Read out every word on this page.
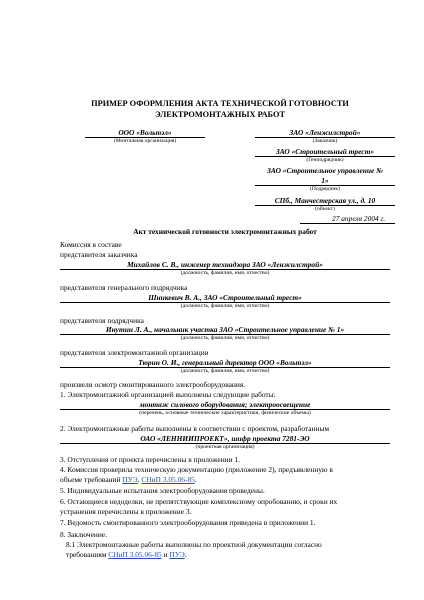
ПРИМЕР ОФОРМЛЕНИЯ АКТА ТЕХНИЧЕСКОЙ ГОТОВНОСТИ
ЭЛЕКТРОМОНТАЖНЫХ РАБОТ
ООО «Вольтэл»
(Монтажная организация)
ЗАО «Ленжилстрой»
(Заказчик)
ЗАО «Строительный трест»
(Генподрядчик)
ЗАО «Строительное управление №
1»
(Подрядчик)
СПб., Манчестерская ул., д. 10
(объект)
27 апреля 2004 г.
Акт технической готовности электромонтажных работ
Комиссия в составе
представителя заказчика
Михайлов С. В., инженер технадзора ЗАО «Ленжилстрой»
(должность, фамилия, имя, отчество)
представителя генерального подрядчика
Шникевич В. А., ЗАО «Строительный трест»
(должность, фамилия, имя, отчество)
представителя подрядчика
Инутин Л. А., начальник участка ЗАО «Строительное управление № 1»
(должность, фамилия, имя, отчество)
представителя электромонтажной организации
Тюрин О. И., генеральный директор ООО «Вольтэл»
(должность, фамилия, имя, отчество)
произвели осмотр смонтированного электрооборудования.
1. Электромонтажной организацией выполнены следующие работы:
монтаж силового оборудования; электроосвещение
(перечень, основные технические характеристики, физические объемы)
2. Электромонтажные работы выполнены в соответствии с проектом, разработанным
ОАО «ЛЕННИИПРОЕКТ», шифр проекта 7281-ЭО
(проектная организация)
3. Отступления от проекта перечислены в приложении 1.
4. Комиссия проверила техническую документацию (приложение 2), предъявленную в
объеме требований ПУЭ, СНиП 3.05.06-85.
5. Индивидуальные испытания электрооборудования проведены.
6. Остающиеся недоделки, не препятствующие комплексному опробованию, и сроки их
устранения перечислены в приложение 3.
7. Ведомость смонтированного электрооборудования приведена в приложении 1.
8. Заключение.
8.1 Электромонтажные работы выполнены по проектной документации согласно
требованиям СНиП 3.05.06-85 и ПУЭ.
